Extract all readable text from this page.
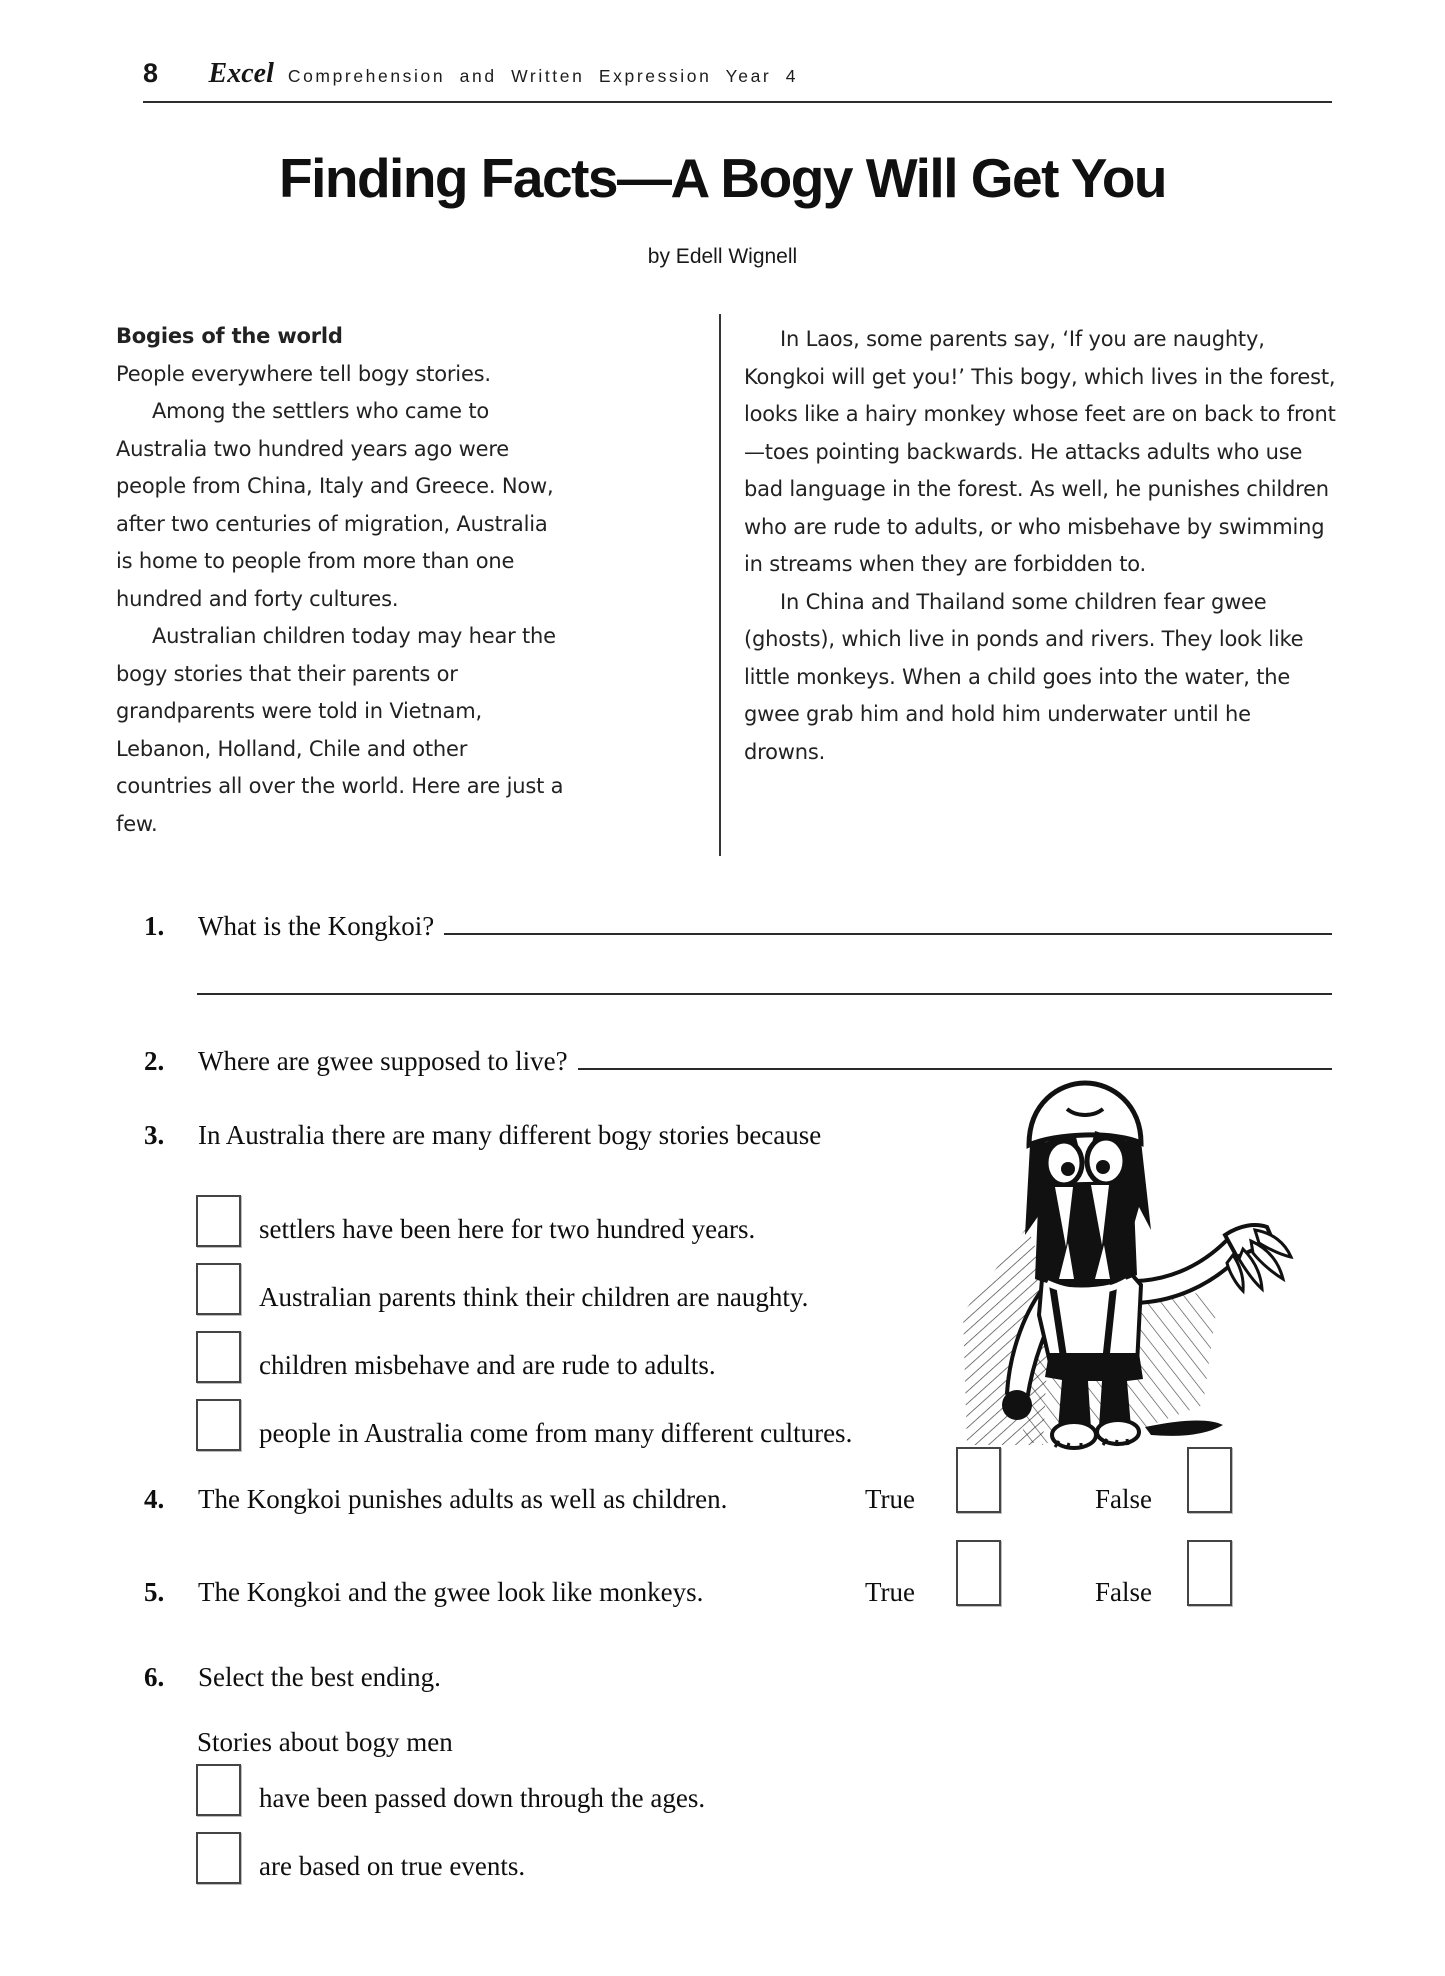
8 Excel Comprehension and Written Expression Year 4
Finding Facts—A Bogy Will Get You
by Edell Wignell

Bogies of the world

People everywhere tell bogy stories.

Among the settlers who came to Australia two hundred years ago were people from China, Italy and Greece. Now, after two centuries of migration, Australia is home to people from more than one hundred and forty cultures.

Australian children today may hear the bogy stories that their parents or grandparents were told in Vietnam, Lebanon, Holland, Chile and other countries all over the world. Here are just a few.

In Laos, some parents say, ‘If you are naughty, Kongkoi will get you!’ This bogy, which lives in the forest, looks like a hairy monkey whose feet are on back to front—toes pointing backwards. He attacks adults who use bad language in the forest. As well, he punishes children who are rude to adults, or who misbehave by swimming in streams when they are forbidden to.

In China and Thailand some children fear gwee (ghosts), which live in ponds and rivers. They look like little monkeys. When a child goes into the water, the gwee grab him and hold him underwater until he drowns.

1.	What is the Kongkoi?
2.	Where are gwee supposed to live?
3.	In Australia there are many different bogy stories because
settlers have been here for two hundred years.
Australian parents think their children are naughty.
children misbehave and are rude to adults.
people in Australia come from many different cultures.
4.	The Kongkoi punishes adults as well as children.	True	False
5.	The Kongkoi and the gwee look like monkeys.	True	False
6.	Select the best ending.
Stories about bogy men
have been passed down through the ages.
are based on true events.
